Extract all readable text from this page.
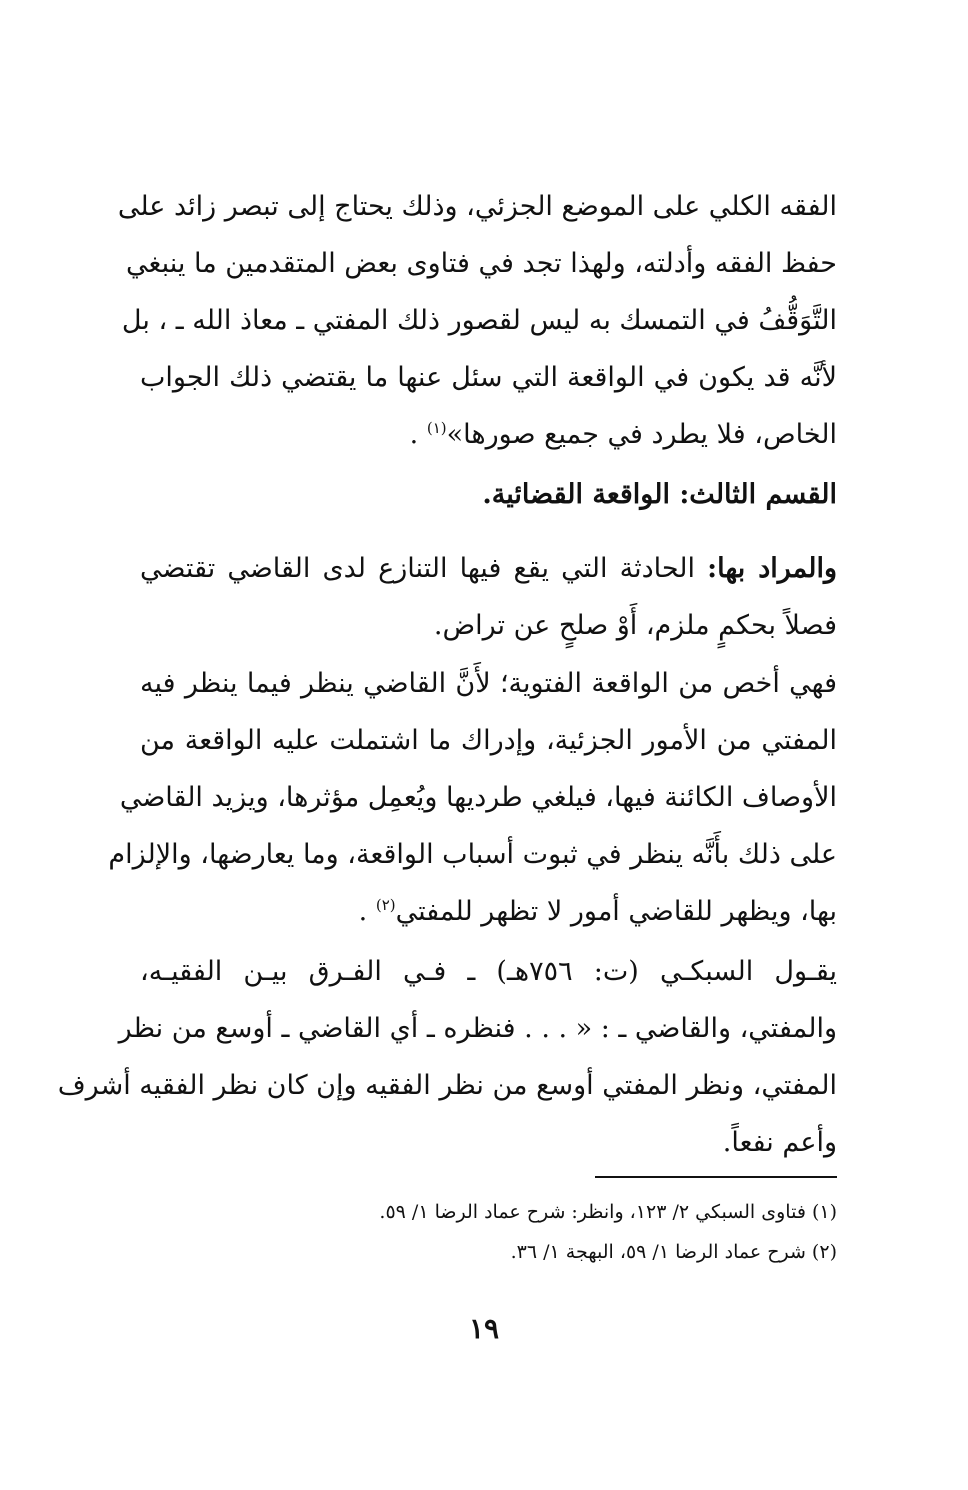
الفقه الكلي على الموضع الجزئي، وذلك يحتاج إلى تبصر زائد على
حفظ الفقه وأدلته، ولهذا تجد في فتاوى بعض المتقدمين ما ينبغي
التَّوَقُّفُ في التمسك به ليس لقصور ذلك المفتي ـ معاذ الله ـ ، بل
لأنَّه قد يكون في الواقعة التي سئل عنها ما يقتضي ذلك الجواب
الخاص، فلا يطرد في جميع صورها»$^{(١)}$ .
القسم الثالث: الواقعة القضائية.
والمراد بها: الحادثة التي يقع فيها التنازع لدى القاضي تقتضي
فصلاً بحكمٍ ملزم، أَوْ صلحٍ عن تراض.
فهي أخص من الواقعة الفتوية؛ لأَنَّ القاضي ينظر فيما ينظر فيه
المفتي من الأمور الجزئية، وإدراك ما اشتملت عليه الواقعة من
الأوصاف الكائنة فيها، فيلغي طرديها ويُعمِل مؤثرها، ويزيد القاضي
على ذلك بأَنَّه ينظر في ثبوت أسباب الواقعة، وما يعارضها، والإلزام
بها، ويظهر للقاضي أمور لا تظهر للمفتي$^{(٢)}$ .
يقـول السبكـي (ت: ٧٥٦هـ) ـ فـي الفـرق بيـن الفقيـه،
والمفتي، والقاضي ـ : « . . . فنظره ـ أي القاضي ـ أوسع من نظر
المفتي، ونظر المفتي أوسع من نظر الفقيه وإن كان نظر الفقيه أشرف
وأعم نفعاً.
(١) فتاوى السبكي ٢/ ١٢٣، وانظر: شرح عماد الرضا ١/ ٥٩.
(٢) شرح عماد الرضا ١/ ٥٩، البهجة ١/ ٣٦.
١٩
